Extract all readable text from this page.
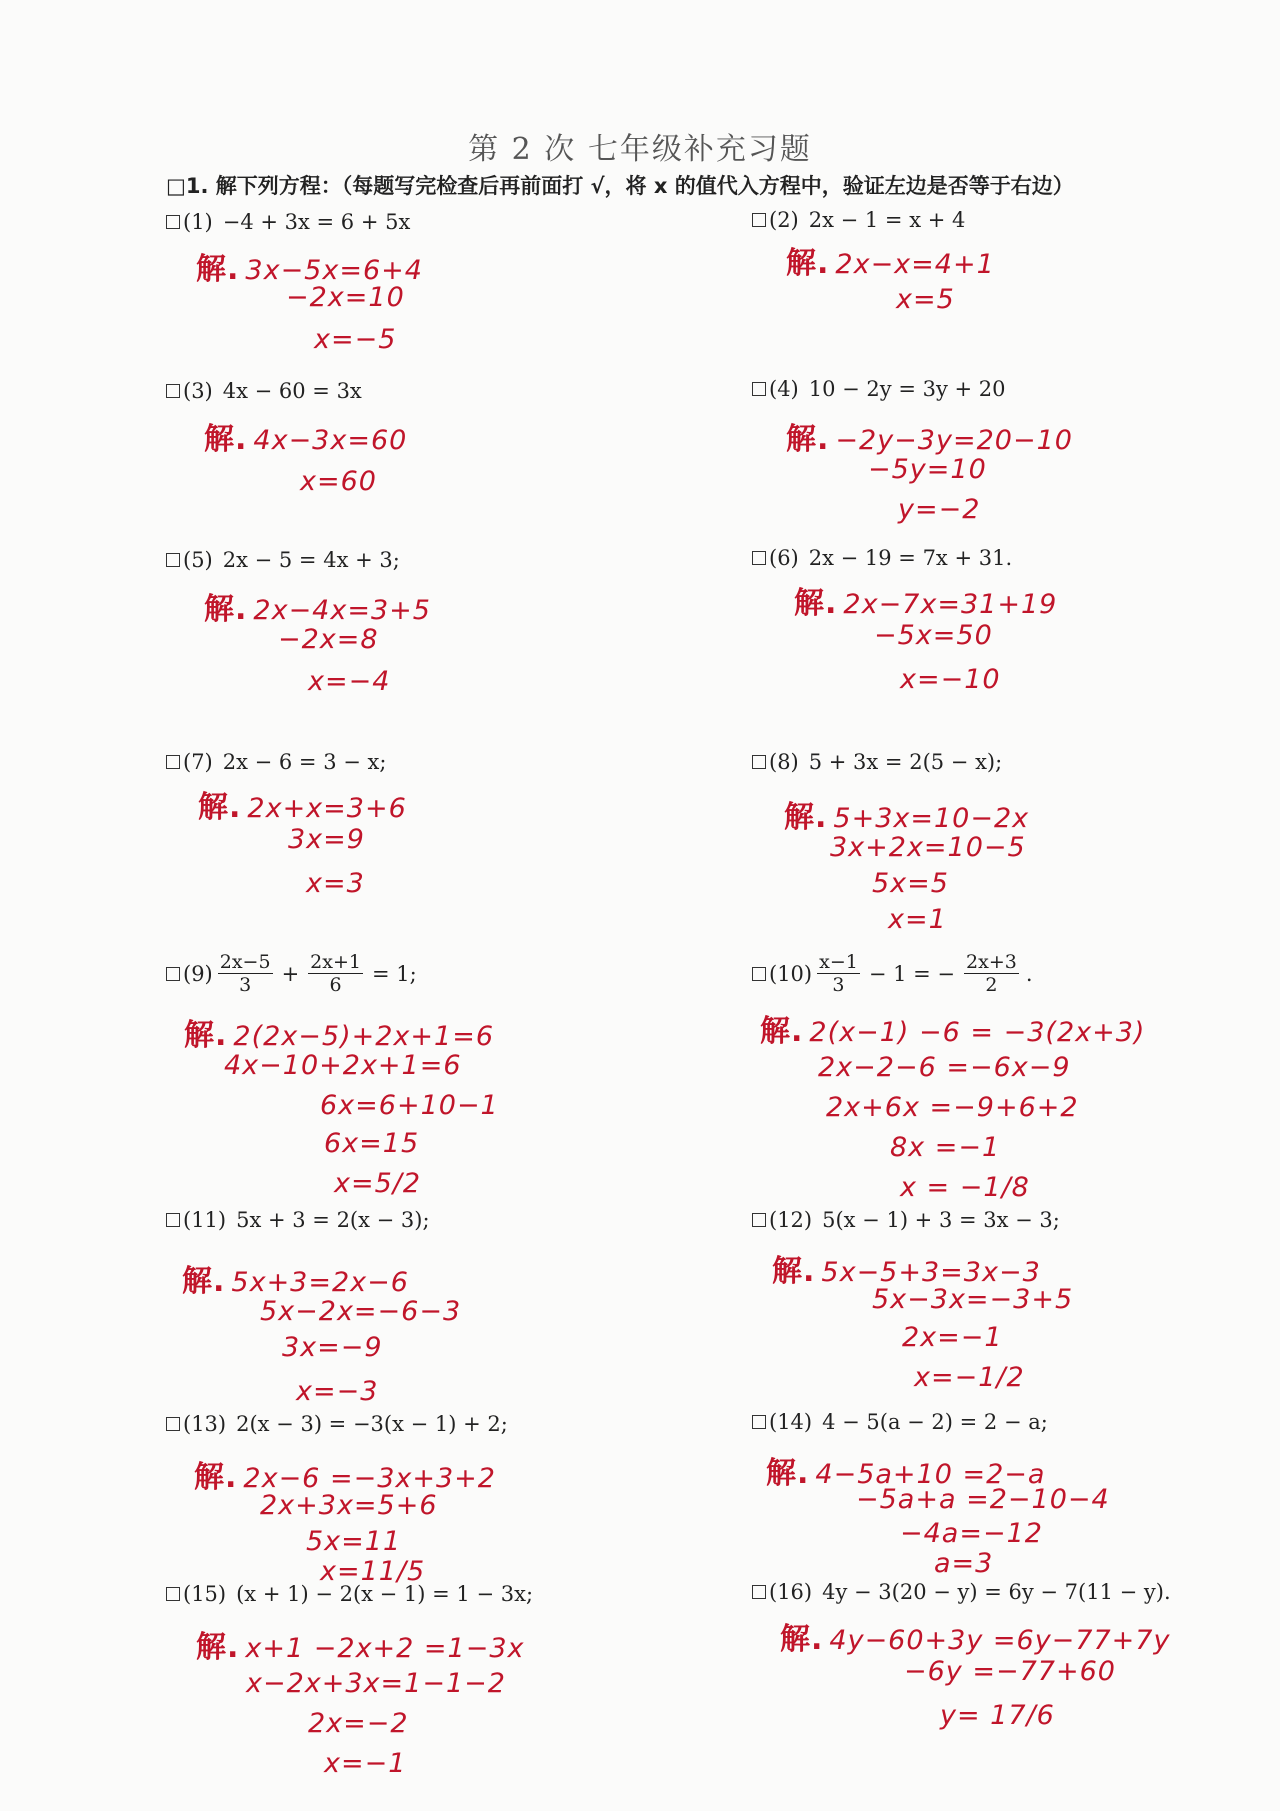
第 2 次 七年级补充习题
□1. 解下列方程：（每题写完检查后再前面打 √，将 x 的值代入方程中，验证左边是否等于右边）
(1) −4 + 3x = 6 + 5x	(2) 2x − 1 = x + 4
(3) 4x − 60 = 3x	(4) 10 − 2y = 3y + 20
(5) 2x − 5 = 4x + 3;	(6) 2x − 19 = 7x + 31.
(7) 2x − 6 = 3 − x;	(8) 5 + 3x = 2(5 − x);
$(9) \frac{2x-5}{3} + \frac{2x+1}{6} = 1$;	$(10) \frac{x-1}{3} - 1$ = − $\frac{2x+3}{2}$ .
(11) 5x + 3 = 2(x − 3);	(12) 5(x − 1) + 3 = 3x − 3;
(13) 2(x − 3) = −3(x − 1) + 2;	(14) 4 − 5(a − 2) = 2 − a;
(15) (x + 1) − 2(x − 1) = 1 − 3x;	(16) 4y − 3(20 − y) = 6y − 7(11 − y).
解. 3x−5x=6+4
−2x=10
x=−5
解. 2x−x=4+1
x=5
解. 4x−3x=60
x=60
解. −2y−3y=20−10
−5y=10
y=−2
解. 2x−4x=3+5
−2x=8
x=−4
解. 2x−7x=31+19
−5x=50
x=−10
解. 2x+x=3+6
3x=9
x=3
解. 5+3x=10−2x
3x+2x=10−5
5x=5
x=1
解. 2(2x−5)+2x+1=6
4x−10+2x+1=6
6x=6+10−1
6x=15
x=5/2
解. 2(x−1) −6 = −3(2x+3)
2x−2−6 =−6x−9
2x+6x =−9+6+2
8x =−1
x = −1/8
解. 5x+3=2x−6
5x−2x=−6−3
3x=−9
x=−3
解. 5x−5+3=3x−3
5x−3x=−3+5
2x=−1
x=−1/2
解. 2x−6 =−3x+3+2
2x+3x=5+6
5x=11
x=11/5
解. 4−5a+10 =2−a
−5a+a =2−10−4
−4a=−12
a=3
解. x+1 −2x+2 =1−3x
x−2x+3x=1−1−2
2x=−2
x=−1
解. 4y−60+3y =6y−77+7y
−6y =−77+60
y= 17/6
